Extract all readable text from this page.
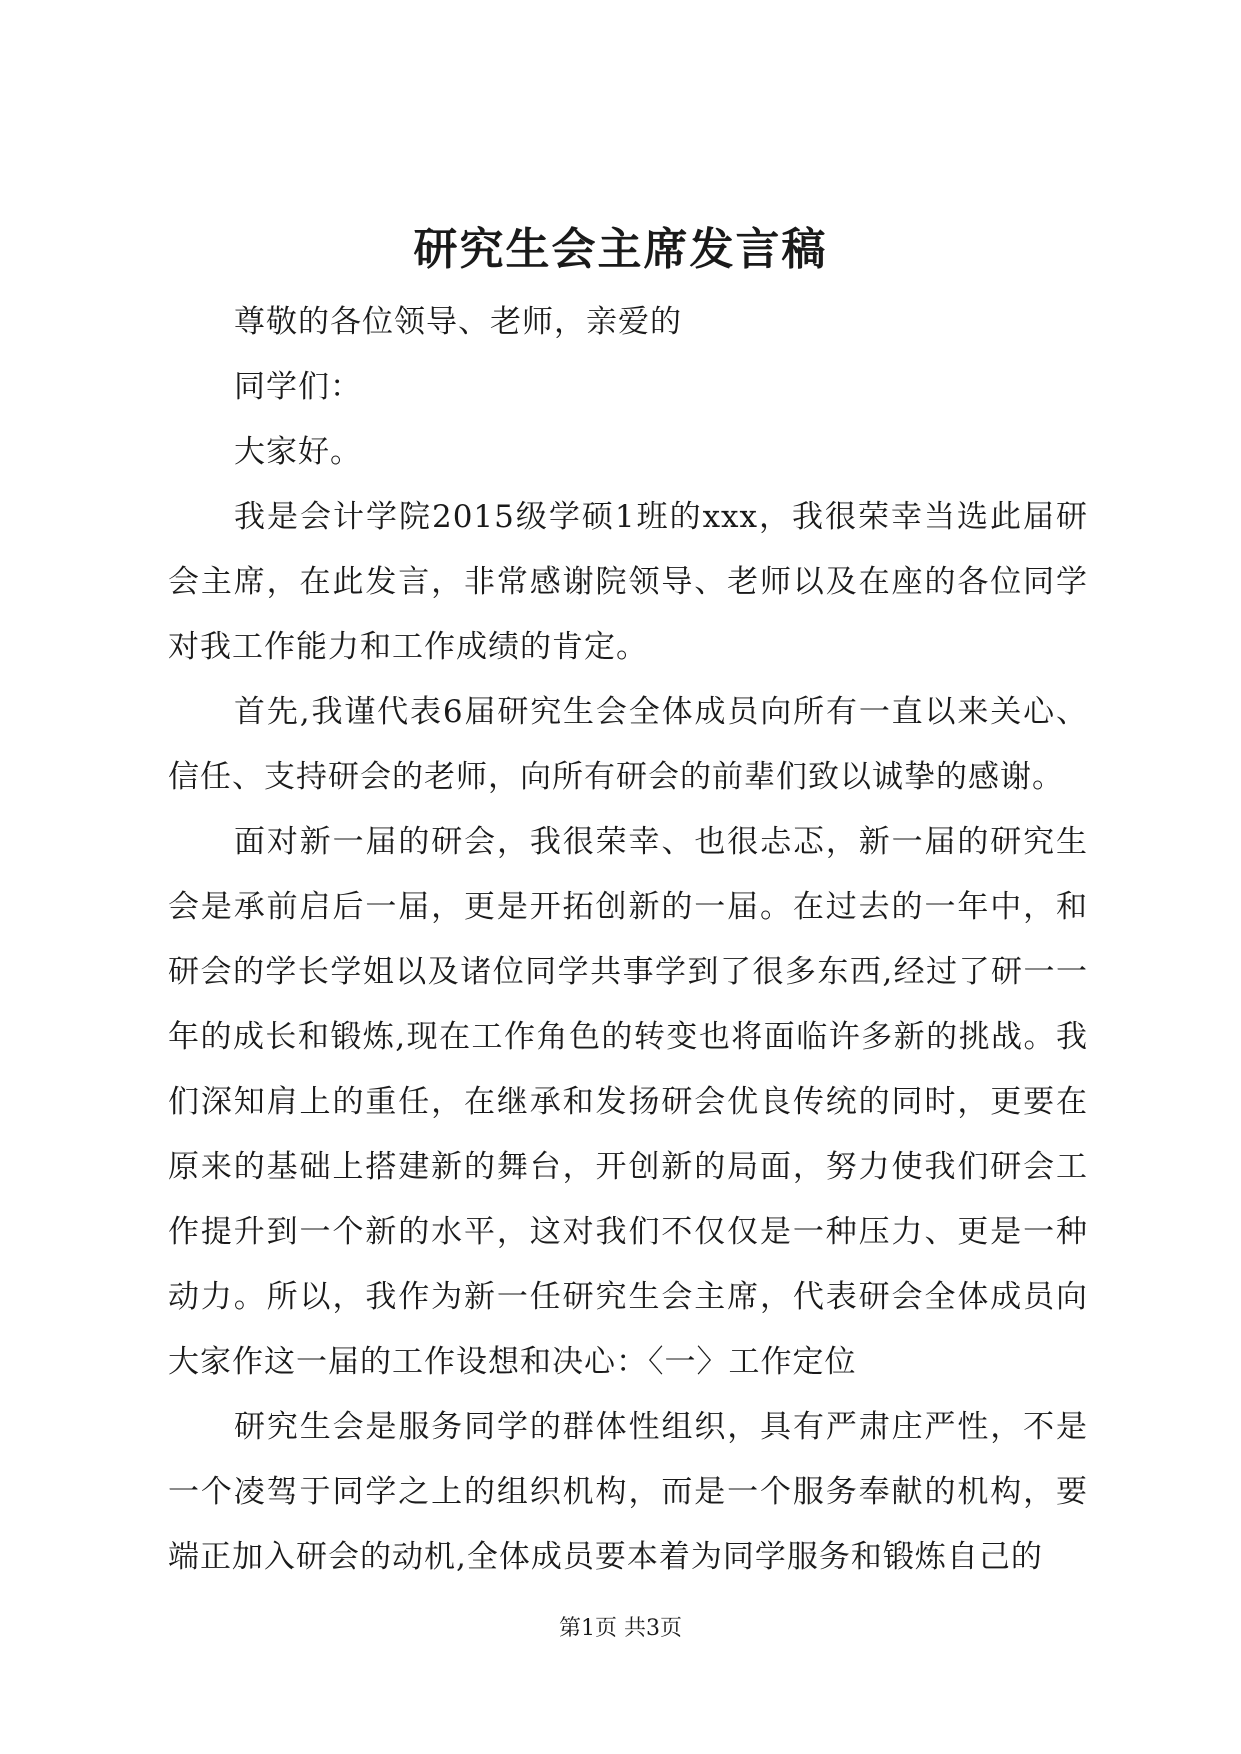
研究生会主席发言稿

尊敬的各位领导、老师，亲爱的

同学们：

大家好。

我是会计学院2015级学硕1班的xxx，我很荣幸当选此届研会主席，在此发言，非常感谢院领导、老师以及在座的各位同学对我工作能力和工作成绩的肯定。

首先,我谨代表6届研究生会全体成员向所有一直以来关心、信任、支持研会的老师，向所有研会的前辈们致以诚挚的感谢。

面对新一届的研会，我很荣幸、也很忐忑，新一届的研究生会是承前启后一届，更是开拓创新的一届。在过去的一年中，和研会的学长学姐以及诸位同学共事学到了很多东西,经过了研一一年的成长和锻炼,现在工作角色的转变也将面临许多新的挑战。我们深知肩上的重任，在继承和发扬研会优良传统的同时，更要在原来的基础上搭建新的舞台，开创新的局面，努力使我们研会工作提升到一个新的水平，这对我们不仅仅是一种压力、更是一种动力。所以，我作为新一任研究生会主席，代表研会全体成员向大家作这一届的工作设想和决心：〈一〉工作定位

研究生会是服务同学的群体性组织，具有严肃庄严性，不是一个凌驾于同学之上的组织机构，而是一个服务奉献的机构，要端正加入研会的动机,全体成员要本着为同学服务和锻炼自己的

第1页 共3页
